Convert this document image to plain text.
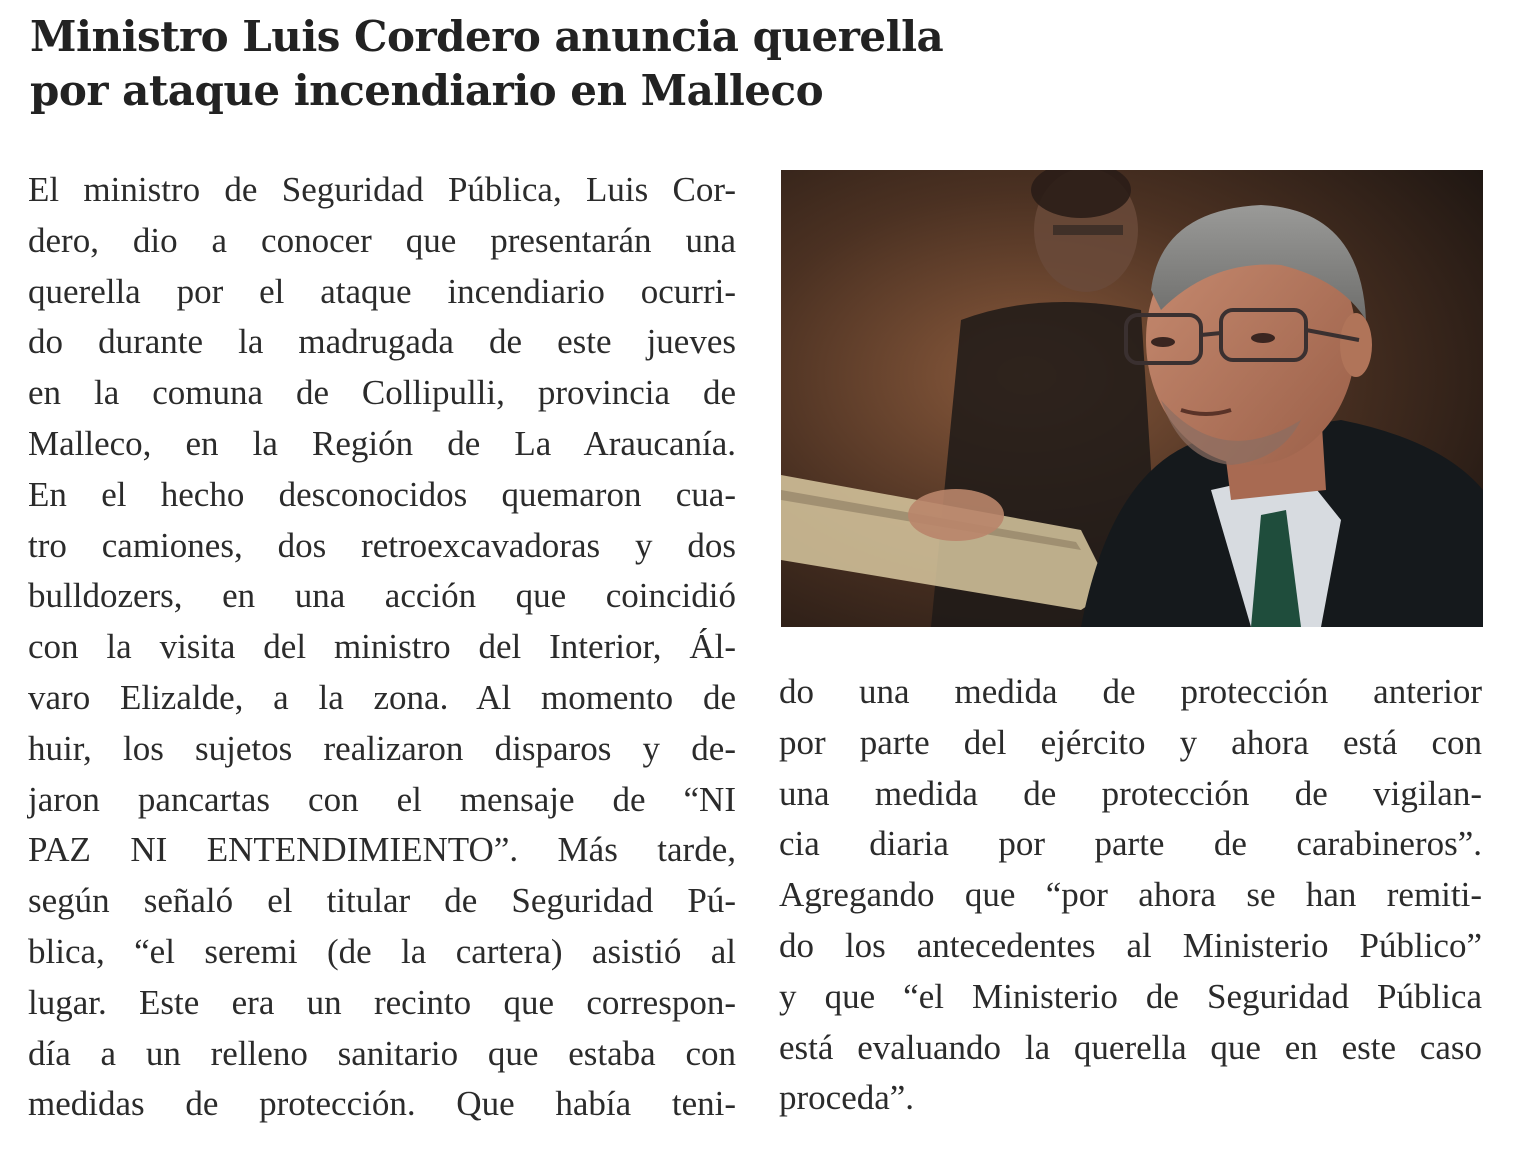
Ministro Luis Cordero anuncia querella
por ataque incendiario en Malleco
El ministro de Seguridad Pública, Luis Cor-
dero, dio a conocer que presentarán una
querella por el ataque incendiario ocurri-
do durante la madrugada de este jueves
en la comuna de Collipulli, provincia de
Malleco, en la Región de La Araucanía.
En el hecho desconocidos quemaron cua-
tro camiones, dos retroexcavadoras y dos
bulldozers, en una acción que coincidió
con la visita del ministro del Interior, Ál-
varo Elizalde, a la zona. Al momento de
huir, los sujetos realizaron disparos y de-
jaron pancartas con el mensaje de “NI
PAZ NI ENTENDIMIENTO”. Más tarde,
según señaló el titular de Seguridad Pú-
blica, “el seremi (de la cartera) asistió al
lugar. Este era un recinto que correspon-
día a un relleno sanitario que estaba con
medidas de protección. Que había teni-
do una medida de protección anterior
por parte del ejército y ahora está con
una medida de protección de vigilan-
cia diaria por parte de carabineros”.
Agregando que “por ahora se han remiti-
do los antecedentes al Ministerio Público”
y que “el Ministerio de Seguridad Pública
está evaluando la querella que en este caso
proceda”.
